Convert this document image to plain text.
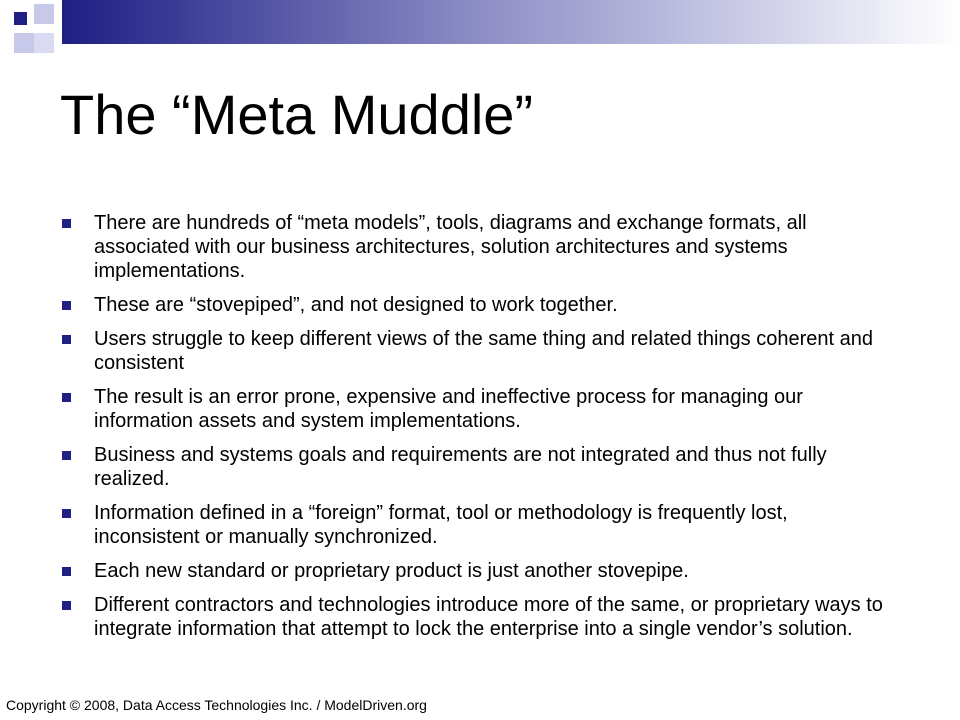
The “Meta Muddle”
There are hundreds of “meta models”, tools, diagrams and exchange formats, all associated with our business architectures, solution architectures and systems implementations.
These are “stovepiped”, and not designed to work together.
Users struggle to keep different views of the same thing and related things coherent and consistent
The result is an error prone, expensive and ineffective process for managing our information assets and system implementations.
Business and systems goals and requirements are not integrated and thus not fully realized.
Information defined in a “foreign” format, tool or methodology is frequently lost, inconsistent or manually synchronized.
Each new standard or proprietary product is just another stovepipe.
Different contractors and technologies introduce more of the same, or proprietary ways to integrate information that attempt to lock the enterprise into a single vendor’s solution.
Copyright © 2008, Data Access Technologies Inc. / ModelDriven.org
